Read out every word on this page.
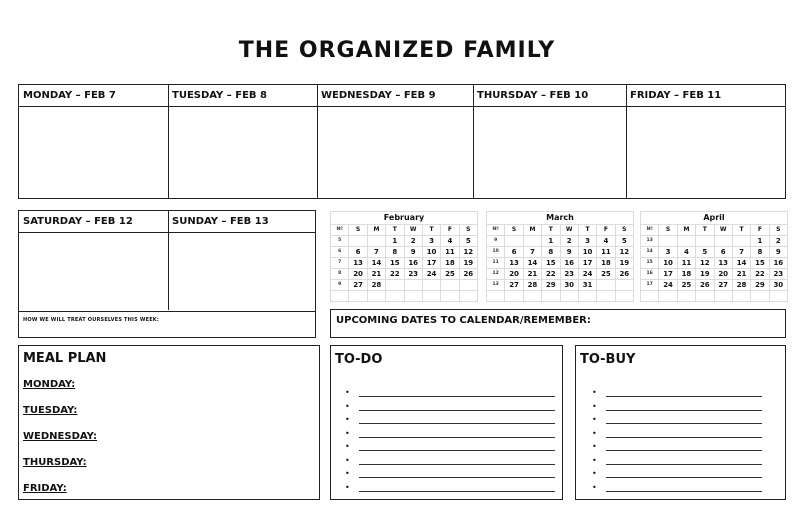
THE ORGANIZED FAMILY
MONDAY – FEB 7	TUESDAY – FEB 8	WEDNESDAY – FEB 9	THURSDAY – FEB 10	FRIDAY – FEB 11
SATURDAY – FEB 12	SUNDAY – FEB 13
HOW WE WILL TREAT OURSELVES THIS WEEK:
February							
Nº	S	M	T	W	T	F	S
5			1	2	3	4	5
6	6	7	8	9	10	11	12
7	13	14	15	16	17	18	19
8	20	21	22	23	24	25	26
9	27	28					

March							
Nº	S	M	T	W	T	F	S
9			1	2	3	4	5
10	6	7	8	9	10	11	12
11	13	14	15	16	17	18	19
12	20	21	22	23	24	25	26
13	27	28	29	30	31		

April							
Nº	S	M	T	W	T	F	S
13						1	2
14	3	4	5	6	7	8	9
15	10	11	12	13	14	15	16
16	17	18	19	20	21	22	23
17	24	25	26	27	28	29	30

UPCOMING DATES TO CALENDAR/REMEMBER:
MEAL PLAN
MONDAY:
TUESDAY:
WEDNESDAY:
THURSDAY:
FRIDAY:
TO-DO
•
•
•
•
•
•
•
•
TO-BUY
•
•
•
•
•
•
•
•
